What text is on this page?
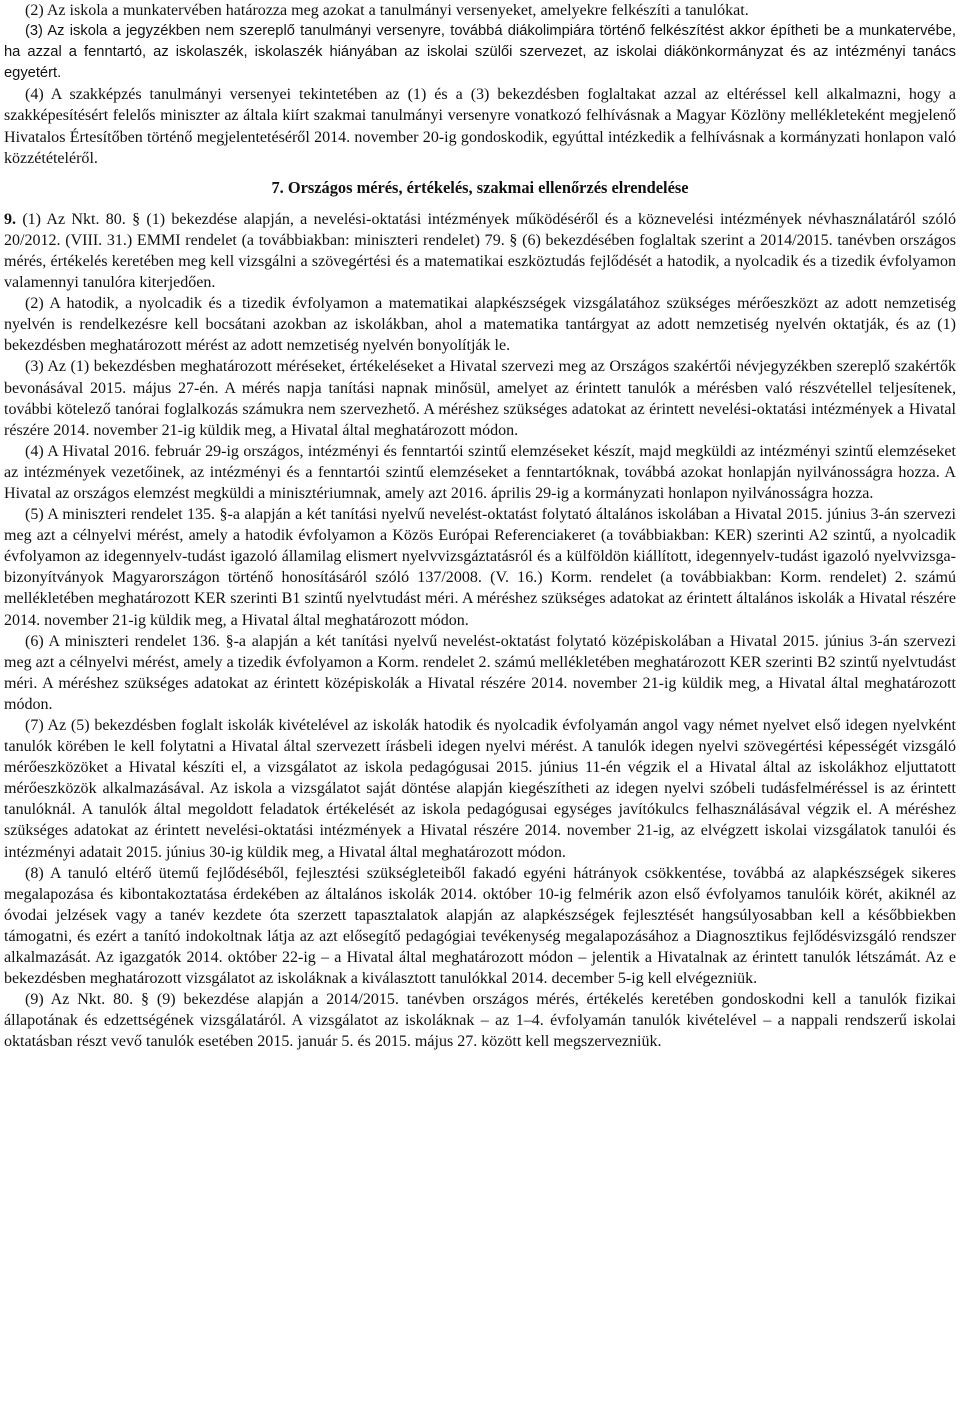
(2) Az iskola a munkatervében határozza meg azokat a tanulmányi versenyeket, amelyekre felkészíti a tanulókat.

(3) Az iskola a jegyzékben nem szereplő tanulmányi versenyre, továbbá diákolimpiára történő felkészítést akkor építheti be a munkatervébe, ha azzal a fenntartó, az iskolaszék, iskolaszék hiányában az iskolai szülői szervezet, az iskolai diákönkormányzat és az intézményi tanács egyetért.

(4) A szakképzés tanulmányi versenyei tekintetében az (1) és a (3) bekezdésben foglaltakat azzal az eltéréssel kell alkalmazni, hogy a szakképesítésért felelős miniszter az általa kiírt szakmai tanulmányi versenyre vonatkozó felhívásnak a Magyar Közlöny mellékleteként megjelenő Hivatalos Értesítőben történő megjelentetéséről 2014. november 20-ig gondoskodik, egyúttal intézkedik a felhívásnak a kormányzati honlapon való közzétételéről.

7. Országos mérés, értékelés, szakmai ellenőrzés elrendelése

9. (1) Az Nkt. 80. § (1) bekezdése alapján, a nevelési-oktatási intézmények működéséről és a köznevelési intézmények névhasználatáról szóló 20/2012. (VIII. 31.) EMMI rendelet (a továbbiakban: miniszteri rendelet) 79. § (6) bekezdésében foglaltak szerint a 2014/2015. tanévben országos mérés, értékelés keretében meg kell vizsgálni a szövegértési és a matematikai eszköztudás fejlődését a hatodik, a nyolcadik és a tizedik évfolyamon valamennyi tanulóra kiterjedően.

(2) A hatodik, a nyolcadik és a tizedik évfolyamon a matematikai alapkészségek vizsgálatához szükséges mérőeszközt az adott nemzetiség nyelvén is rendelkezésre kell bocsátani azokban az iskolákban, ahol a matematika tantárgyat az adott nemzetiség nyelvén oktatják, és az (1) bekezdésben meghatározott mérést az adott nemzetiség nyelvén bonyolítják le.

(3) Az (1) bekezdésben meghatározott méréseket, értékeléseket a Hivatal szervezi meg az Országos szakértői névjegyzékben szereplő szakértők bevonásával 2015. május 27-én. A mérés napja tanítási napnak minősül, amelyet az érintett tanulók a mérésben való részvétellel teljesítenek, további kötelező tanórai foglalkozás számukra nem szervezhető. A méréshez szükséges adatokat az érintett nevelési-oktatási intézmények a Hivatal részére 2014. november 21-ig küldik meg, a Hivatal által meghatározott módon.

(4) A Hivatal 2016. február 29-ig országos, intézményi és fenntartói szintű elemzéseket készít, majd megküldi az intézményi szintű elemzéseket az intézmények vezetőinek, az intézményi és a fenntartói szintű elemzéseket a fenntartóknak, továbbá azokat honlapján nyilvánosságra hozza. A Hivatal az országos elemzést megküldi a minisztériumnak, amely azt 2016. április 29-ig a kormányzati honlapon nyilvánosságra hozza.

(5) A miniszteri rendelet 135. §-a alapján a két tanítási nyelvű nevelést-oktatást folytató általános iskolában a Hivatal 2015. június 3-án szervezi meg azt a célnyelvi mérést, amely a hatodik évfolyamon a Közös Európai Referenciakeret (a továbbiakban: KER) szerinti A2 szintű, a nyolcadik évfolyamon az idegennyelv-tudást igazoló államilag elismert nyelvvizsgáztatásról és a külföldön kiállított, idegennyelv-tudást igazoló nyelvvizsga-bizonyítványok Magyarországon történő honosításáról szóló 137/2008. (V. 16.) Korm. rendelet (a továbbiakban: Korm. rendelet) 2. számú mellékletében meghatározott KER szerinti B1 szintű nyelvtudást méri. A méréshez szükséges adatokat az érintett általános iskolák a Hivatal részére 2014. november 21-ig küldik meg, a Hivatal által meghatározott módon.

(6) A miniszteri rendelet 136. §-a alapján a két tanítási nyelvű nevelést-oktatást folytató középiskolában a Hivatal 2015. június 3-án szervezi meg azt a célnyelvi mérést, amely a tizedik évfolyamon a Korm. rendelet 2. számú mellékletében meghatározott KER szerinti B2 szintű nyelvtudást méri. A méréshez szükséges adatokat az érintett középiskolák a Hivatal részére 2014. november 21-ig küldik meg, a Hivatal által meghatározott módon.

(7) Az (5) bekezdésben foglalt iskolák kivételével az iskolák hatodik és nyolcadik évfolyamán angol vagy német nyelvet első idegen nyelvként tanulók körében le kell folytatni a Hivatal által szervezett írásbeli idegen nyelvi mérést. A tanulók idegen nyelvi szövegértési képességét vizsgáló mérőeszközöket a Hivatal készíti el, a vizsgálatot az iskola pedagógusai 2015. június 11-én végzik el a Hivatal által az iskolákhoz eljuttatott mérőeszközök alkalmazásával. Az iskola a vizsgálatot saját döntése alapján kiegészítheti az idegen nyelvi szóbeli tudásfelméréssel is az érintett tanulóknál. A tanulók által megoldott feladatok értékelését az iskola pedagógusai egységes javítókulcs felhasználásával végzik el. A méréshez szükséges adatokat az érintett nevelési-oktatási intézmények a Hivatal részére 2014. november 21-ig, az elvégzett iskolai vizsgálatok tanulói és intézményi adatait 2015. június 30-ig küldik meg, a Hivatal által meghatározott módon.

(8) A tanuló eltérő ütemű fejlődéséből, fejlesztési szükségleteiből fakadó egyéni hátrányok csökkentése, továbbá az alapkészségek sikeres megalapozása és kibontakoztatása érdekében az általános iskolák 2014. október 10-ig felmérik azon első évfolyamos tanulóik körét, akiknél az óvodai jelzések vagy a tanév kezdete óta szerzett tapasztalatok alapján az alapkészségek fejlesztését hangsúlyosabban kell a későbbiekben támogatni, és ezért a tanító indokoltnak látja az azt elősegítő pedagógiai tevékenység megalapozásához a Diagnosztikus fejlődésvizsgáló rendszer alkalmazását. Az igazgatók 2014. október 22-ig – a Hivatal által meghatározott módon – jelentik a Hivatalnak az érintett tanulók létszámát. Az e bekezdésben meghatározott vizsgálatot az iskoláknak a kiválasztott tanulókkal 2014. december 5-ig kell elvégezniük.

(9) Az Nkt. 80. § (9) bekezdése alapján a 2014/2015. tanévben országos mérés, értékelés keretében gondoskodni kell a tanulók fizikai állapotának és edzettségének vizsgálatáról. A vizsgálatot az iskoláknak – az 1–4. évfolyamán tanulók kivételével – a nappali rendszerű iskolai oktatásban részt vevő tanulók esetében 2015. január 5. és 2015. május 27. között kell megszervezniük.
